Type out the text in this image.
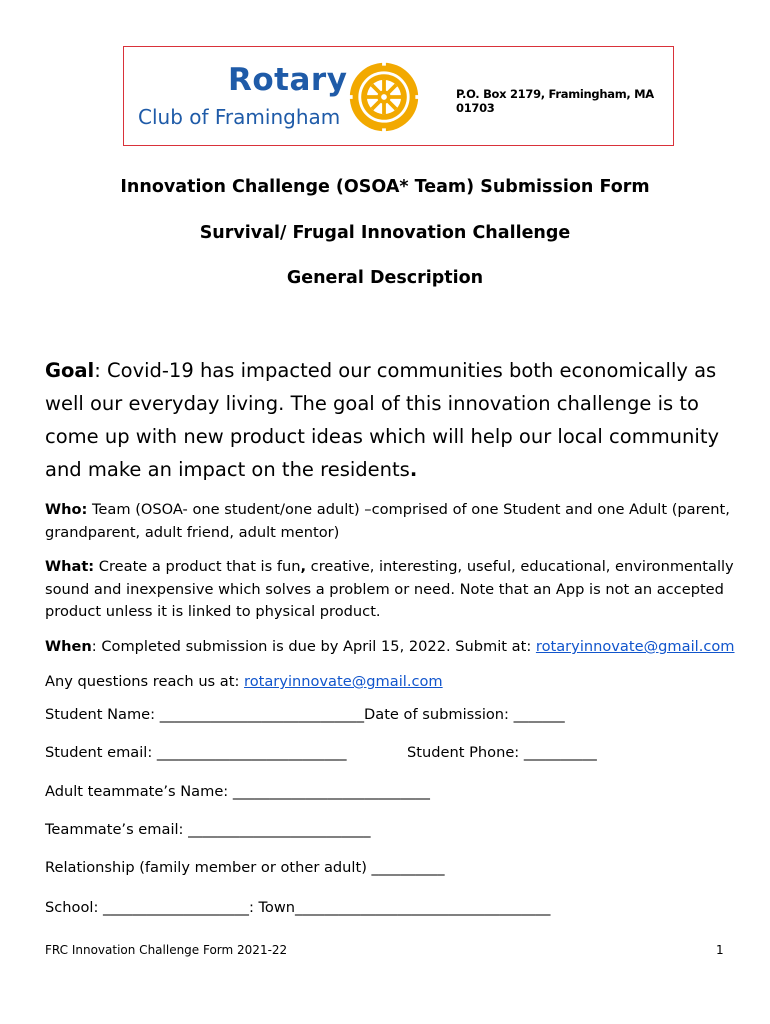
Rotary
Club of Framingham
P.O. Box 2179, Framingham, MA 01703
Innovation Challenge (OSOA* Team) Submission Form
Survival/ Frugal Innovation Challenge
General Description
Goal: Covid-19 has impacted our communities both economically as well our everyday living. The goal of this innovation challenge is to come up with new product ideas which will help our local community and make an impact on the residents.
Who: Team (OSOA- one student/one adult) –comprised of one Student and one Adult (parent, grandparent, adult friend, adult mentor)
What: Create a product that is fun, creative, interesting, useful, educational, environmentally sound and inexpensive which solves a problem or need. Note that an App is not an accepted product unless it is linked to physical product.
When: Completed submission is due by April 15, 2022. Submit at: rotaryinnovate@gmail.com
Any questions reach us at: rotaryinnovate@gmail.com
Student Name: ____________________________Date of submission: _______
Student email: __________________________	Student Phone: __________
Adult teammate’s Name: ___________________________
Teammate’s email: _________________________
Relationship (family member or other adult) __________
School: ____________________: Town___________________________________
FRC Innovation Challenge Form 2021-22	1
